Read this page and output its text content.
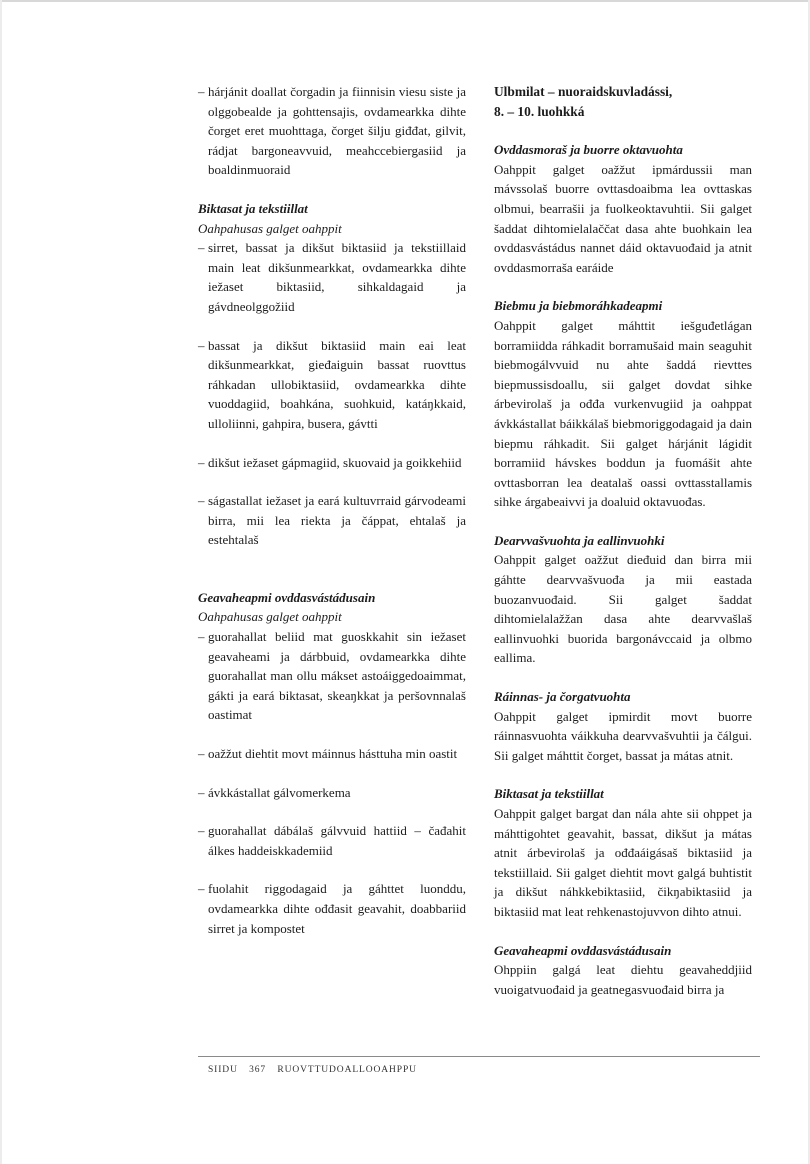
– hárjánit doallat čorgadin ja fiinnisin viesu siste ja olggobealde ja gohttensajis, ovdamearkka dihte čorget eret muohttaga, čorget šilju giđđat, gilvit, rádjat bargoneavvuid, meahccebiergasiid ja boaldinmuoraid

Biktasat ja tekstiillat

Oahpahusas galget oahppit

– sirret, bassat ja dikšut biktasiid ja tekstiillaid main leat dikšunmearkkat, ovdamearkka dihte iežaset biktasiid, sihkaldagaid ja gávdneolggožiid
– bassat ja dikšut biktasiid main eai leat dikšunmearkkat, gieđaiguin bassat ruovttus ráhkadan ullobiktasiid, ovdamearkka dihte vuoddagiid, boahkána, suohkuid, katáŋkkaid, ulloliinni, gahpira, busera, gávtti
– dikšut iežaset gápmagiid, skuovaid ja goikkehiid
– ságastallat iežaset ja eará kultuvrraid gárvodeami birra, mii lea riekta ja čáppat, ehtalaš ja estehtalaš

Geavaheapmi ovddasvástádusain

Oahpahusas galget oahppit

– guorahallat beliid mat guoskkahit sin iežaset geavaheami ja dárbbuid, ovdamearkka dihte guorahallat man ollu mákset astoáiggedoaimmat, gákti ja eará biktasat, skeaŋkkat ja peršovnnalaš oastimat
– oažžut diehtit movt máinnus hásttuha min oastit
– ávkkástallat gálvomerkema
– guorahallat dábálaš gálvvuid hattiid – čađahit álkes haddeiskkademiid
– fuolahit riggodagaid ja gáhttet luonddu, ovdamearkka dihte ođđasit geavahit, doabbariid sirret ja kompostet

Ulbmilat – nuoraidskuvladássi,

8. – 10. luohkká

Ovddasmoraš ja buorre oktavuohta

Oahppit galget oažžut ipmárdussii man mávssolaš buorre ovttasdoaibma lea ovttaskas olbmui, bearrašii ja fuolkeoktavuhtii. Sii galget šaddat dihtomielalaččat dasa ahte buohkain lea ovddasvástádus nannet dáid oktavuođaid ja atnit ovddasmorraša earáide

Biebmu ja biebmoráhkadeapmi

Oahppit galget máhttit iešguđetlágan borramiidda ráhkadit borramušaid main seaguhit biebmogálvvuid nu ahte šaddá rievttes biepmussisdoallu, sii galget dovdat sihke árbevirolaš ja ođđa vurkenvugiid ja oahppat ávkkástallat báikkálaš biebmoriggodagaid ja dain biepmu ráhkadit. Sii galget hárjánit lágidit borramiid hávskes boddun ja fuomášit ahte ovttasborran lea deatalaš oassi ovttasstallamis sihke árgabeaivvi ja doaluid oktavuođas.

Dearvvašvuohta ja eallinvuohki

Oahppit galget oažžut dieđuid dan birra mii gáhtte dearvvašvuođa ja mii eastada buozanvuođaid. Sii galget šaddat dihtomielalažžan dasa ahte dearvvašlaš eallinvuohki buorida bargonávccaid ja olbmo eallima.

Ráinnas- ja čorgatvuohta

Oahppit galget ipmirdit movt buorre ráinnasvuohta váikkuha dearvvašvuhtii ja čálgui. Sii galget máhttit čorget, bassat ja mátas atnit.

Biktasat ja tekstiillat

Oahppit galget bargat dan nála ahte sii ohppet ja máhttigohtet geavahit, bassat, dikšut ja mátas atnit árbevirolaš ja ođđaáigásaš biktasiid ja tekstiillaid. Sii galget diehtit movt galgá buhtistit ja dikšut náhkkebiktasiid, čikŋabiktasiid ja biktasiid mat leat rehkenastojuvvon dihto atnui.

Geavaheapmi ovddasvástádusain

Ohppiin galgá leat diehtu geavaheddjiid vuoigatvuođaid ja geatnegasvuođaid birra ja

SIIDU 367 RUOVTTUDOALLOOAHPPU
